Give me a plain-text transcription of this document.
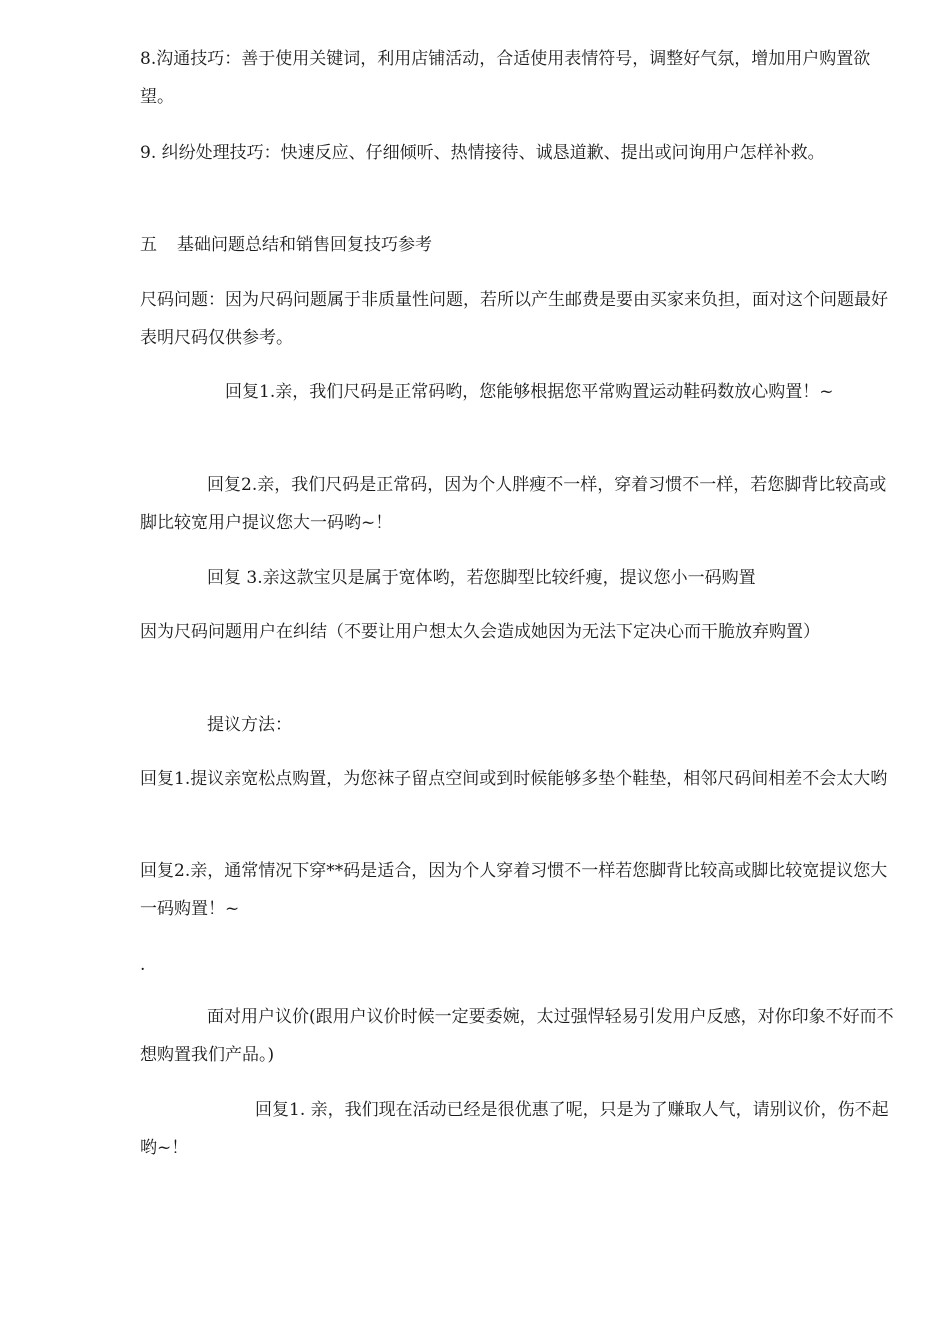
8.沟通技巧：善于使用关键词，利用店铺活动，合适使用表情符号，调整好气氛，增加用户购置欲望。

9. 纠纷处理技巧：快速反应、仔细倾听、热情接待、诚恳道歉、提出或问询用户怎样补救。

五 基础问题总结和销售回复技巧参考

尺码问题：因为尺码问题属于非质量性问题，若所以产生邮费是要由买家来负担，面对这个问题最好表明尺码仅供参考。

回复1.亲，我们尺码是正常码哟，您能够根据您平常购置运动鞋码数放心购置！~

回复2.亲，我们尺码是正常码，因为个人胖瘦不一样，穿着习惯不一样，若您脚背比较高或脚比较宽用户提议您大一码哟~！

回复 3.亲这款宝贝是属于宽体哟，若您脚型比较纤瘦，提议您小一码购置

因为尺码问题用户在纠结（不要让用户想太久会造成她因为无法下定决心而干脆放弃购置）

提议方法：

回复1.提议亲宽松点购置，为您袜子留点空间或到时候能够多垫个鞋垫，相邻尺码间相差不会太大哟

回复2.亲，通常情况下穿**码是适合，因为个人穿着习惯不一样若您脚背比较高或脚比较宽提议您大一码购置！~

.

面对用户议价(跟用户议价时候一定要委婉，太过强悍轻易引发用户反感，对你印象不好而不想购置我们产品。)

回复1. 亲，我们现在活动已经是很优惠了呢，只是为了赚取人气，请别议价，伤不起哟~！
